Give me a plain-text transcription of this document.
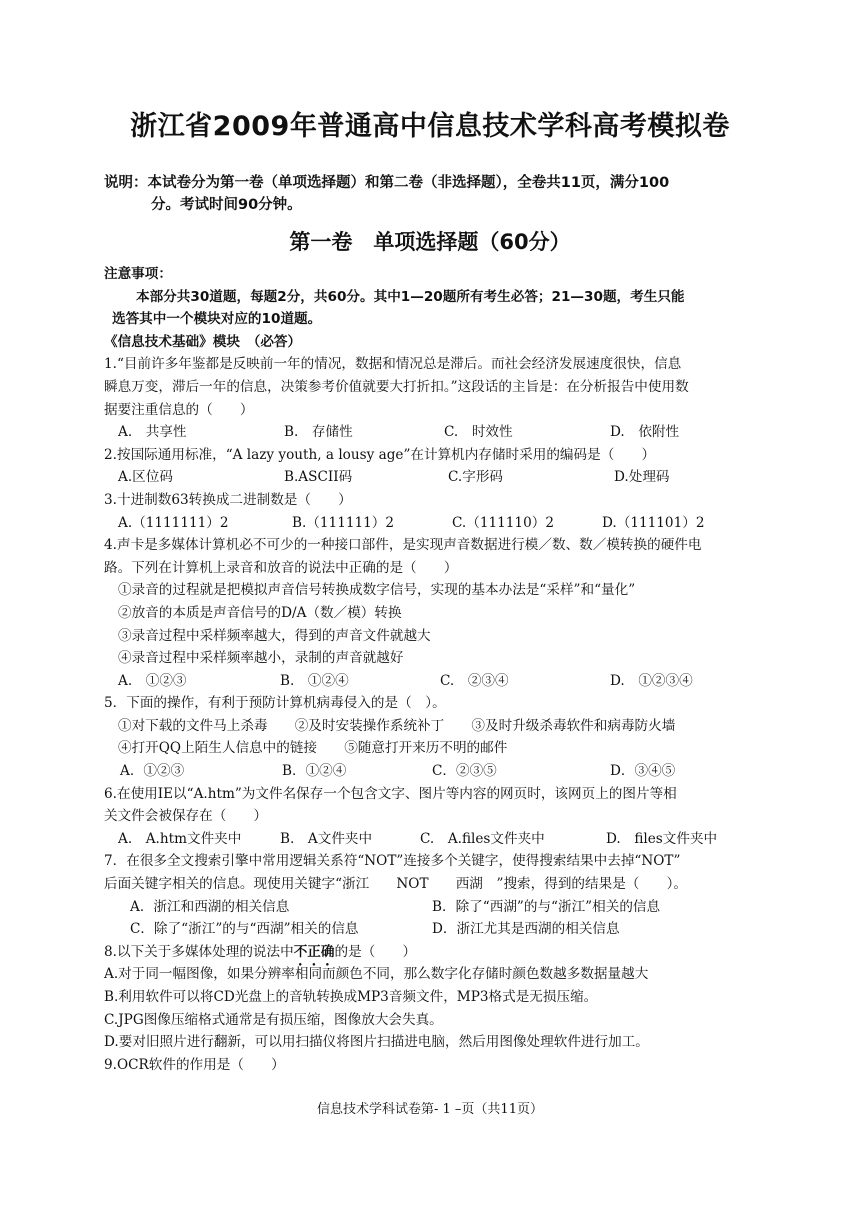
浙江省2009年普通高中信息技术学科高考模拟卷
说明：本试卷分为第一卷（单项选择题）和第二卷（非选择题），全卷共11页，满分100
分。考试时间90分钟。
第一卷　单项选择题（60分）
注意事项：
本部分共30道题，每题2分，共60分。其中1—20题所有考生必答；21—30题，考生只能
选答其中一个模块对应的10道题。
《信息技术基础》模块　（必答）
1.“目前许多年鉴都是反映前一年的情况，数据和情况总是滞后。而社会经济发展速度很快，信息
瞬息万变，滞后一年的信息，决策参考价值就要大打折扣。”这段话的主旨是：在分析报告中使用数
据要注重信息的（　　）
A.　共享性	B.　存储性	C.　时效性	D.　依附性
2.按国际通用标准，“A lazy youth, a lousy age”在计算机内存储时采用的编码是（　　）
A.区位码	B.ASCII码	C.字形码	D.处理码
3.十进制数63转换成二进制数是（　　）
A.（1111111）2	B.（111111）2	C.（111110）2	D.（111101）2
4.声卡是多媒体计算机必不可少的一种接口部件，是实现声音数据进行模／数、数／模转换的硬件电
路。下列在计算机上录音和放音的说法中正确的是（　　）
①录音的过程就是把模拟声音信号转换成数字信号，实现的基本办法是“采样”和“量化”
②放音的本质是声音信号的D/A（数／模）转换
③录音过程中采样频率越大，得到的声音文件就越大
④录音过程中采样频率越小，录制的声音就越好
A.　①②③	B.　①②④	C.　②③④	D.　①②③④
5．下面的操作，有利于预防计算机病毒侵入的是（　）。
①对下载的文件马上杀毒　　②及时安装操作系统补丁　　③及时升级杀毒软件和病毒防火墙
④打开QQ上陌生人信息中的链接　　⑤随意打开来历不明的邮件
A．①②③	B．①②④	C．②③⑤	D．③④⑤
6.在使用IE以“A.htm”为文件名保存一个包含文字、图片等内容的网页时，该网页上的图片等相
关文件会被保存在（　　）
A.　A.htm文件夹中	B.　A文件夹中	C.　A.files文件夹中	D.　files文件夹中
7．在很多全文搜索引擎中常用逻辑关系符“NOT”连接多个关键字，使得搜索结果中去掉“NOT”
后面关键字相关的信息。现使用关键字“浙江　　NOT　　西湖　”搜索，得到的结果是（　　）。
A．浙江和西湖的相关信息	B．除了“西湖”的与“浙江”相关的信息
C．除了“浙江”的与“西湖”相关的信息	D．浙江尤其是西湖的相关信息
8.以下关于多媒体处理的说法中不正确的是（　　）
A.对于同一幅图像，如果分辨率相同而颜色不同，那么数字化存储时颜色数越多数据量越大
B.利用软件可以将CD光盘上的音轨转换成MP3音频文件，MP3格式是无损压缩。
C.JPG图像压缩格式通常是有损压缩，图像放大会失真。
D.要对旧照片进行翻新，可以用扫描仪将图片扫描进电脑，然后用图像处理软件进行加工。
9.OCR软件的作用是（　　）
信息技术学科试卷第- 1 –页（共11页）
